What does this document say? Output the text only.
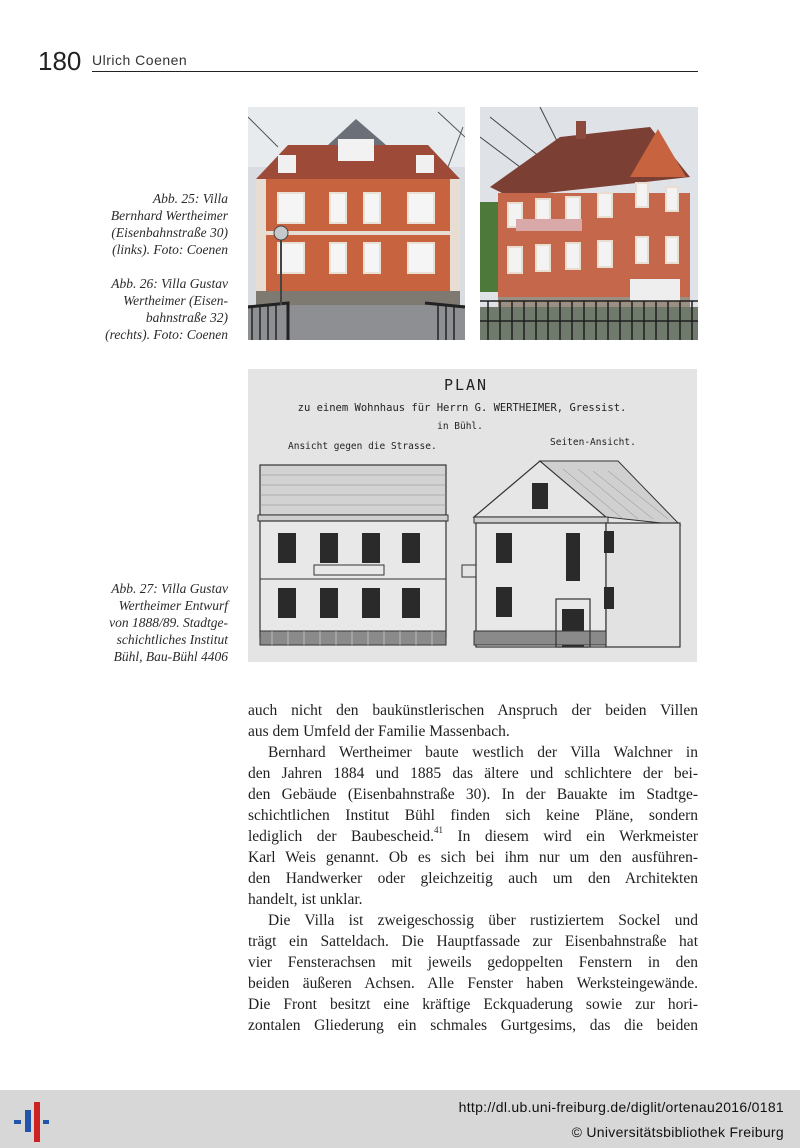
180 Ulrich Coenen
Abb. 25: Villa
Bernhard Wertheimer
(Eisenbahnstraße 30)
(links). Foto: Coenen
Abb. 26: Villa Gustav
Wertheimer (Eisen-
bahnstraße 32)
(rechts). Foto: Coenen
Abb. 27: Villa Gustav
Wertheimer Entwurf
von 1888/89. Stadtge-
schichtliches Institut
Bühl, Bau-Bühl 4406
PLAN
zu einem Wohnhaus für Herrn G. WERTHEIMER, Gressist.
in Bühl.
Ansicht gegen die Strasse.	Seiten-Ansicht.
auch nicht den baukünstlerischen Anspruch der beiden Villen
aus dem Umfeld der Familie Massenbach.
Bernhard Wertheimer baute westlich der Villa Walchner in
den Jahren 1884 und 1885 das ältere und schlichtere der bei-
den Gebäude (Eisenbahnstraße 30). In der Bauakte im Stadtge-
schichtlichen Institut Bühl finden sich keine Pläne, sondern
lediglich der Baubescheid.$^{41}$ In diesem wird ein Werkmeister
Karl Weis genannt. Ob es sich bei ihm nur um den ausführen-
den Handwerker oder gleichzeitig auch um den Architekten
handelt, ist unklar.
Die Villa ist zweigeschossig über rustiziertem Sockel und
trägt ein Satteldach. Die Hauptfassade zur Eisenbahnstraße hat
vier Fensterachsen mit jeweils gedoppelten Fenstern in den
beiden äußeren Achsen. Alle Fenster haben Werksteingewände.
Die Front besitzt eine kräftige Eckquaderung sowie zur hori-
zontalen Gliederung ein schmales Gurtgesims, das die beiden
http://dl.ub.uni-freiburg.de/diglit/ortenau2016/0181
© Universitätsbibliothek Freiburg
